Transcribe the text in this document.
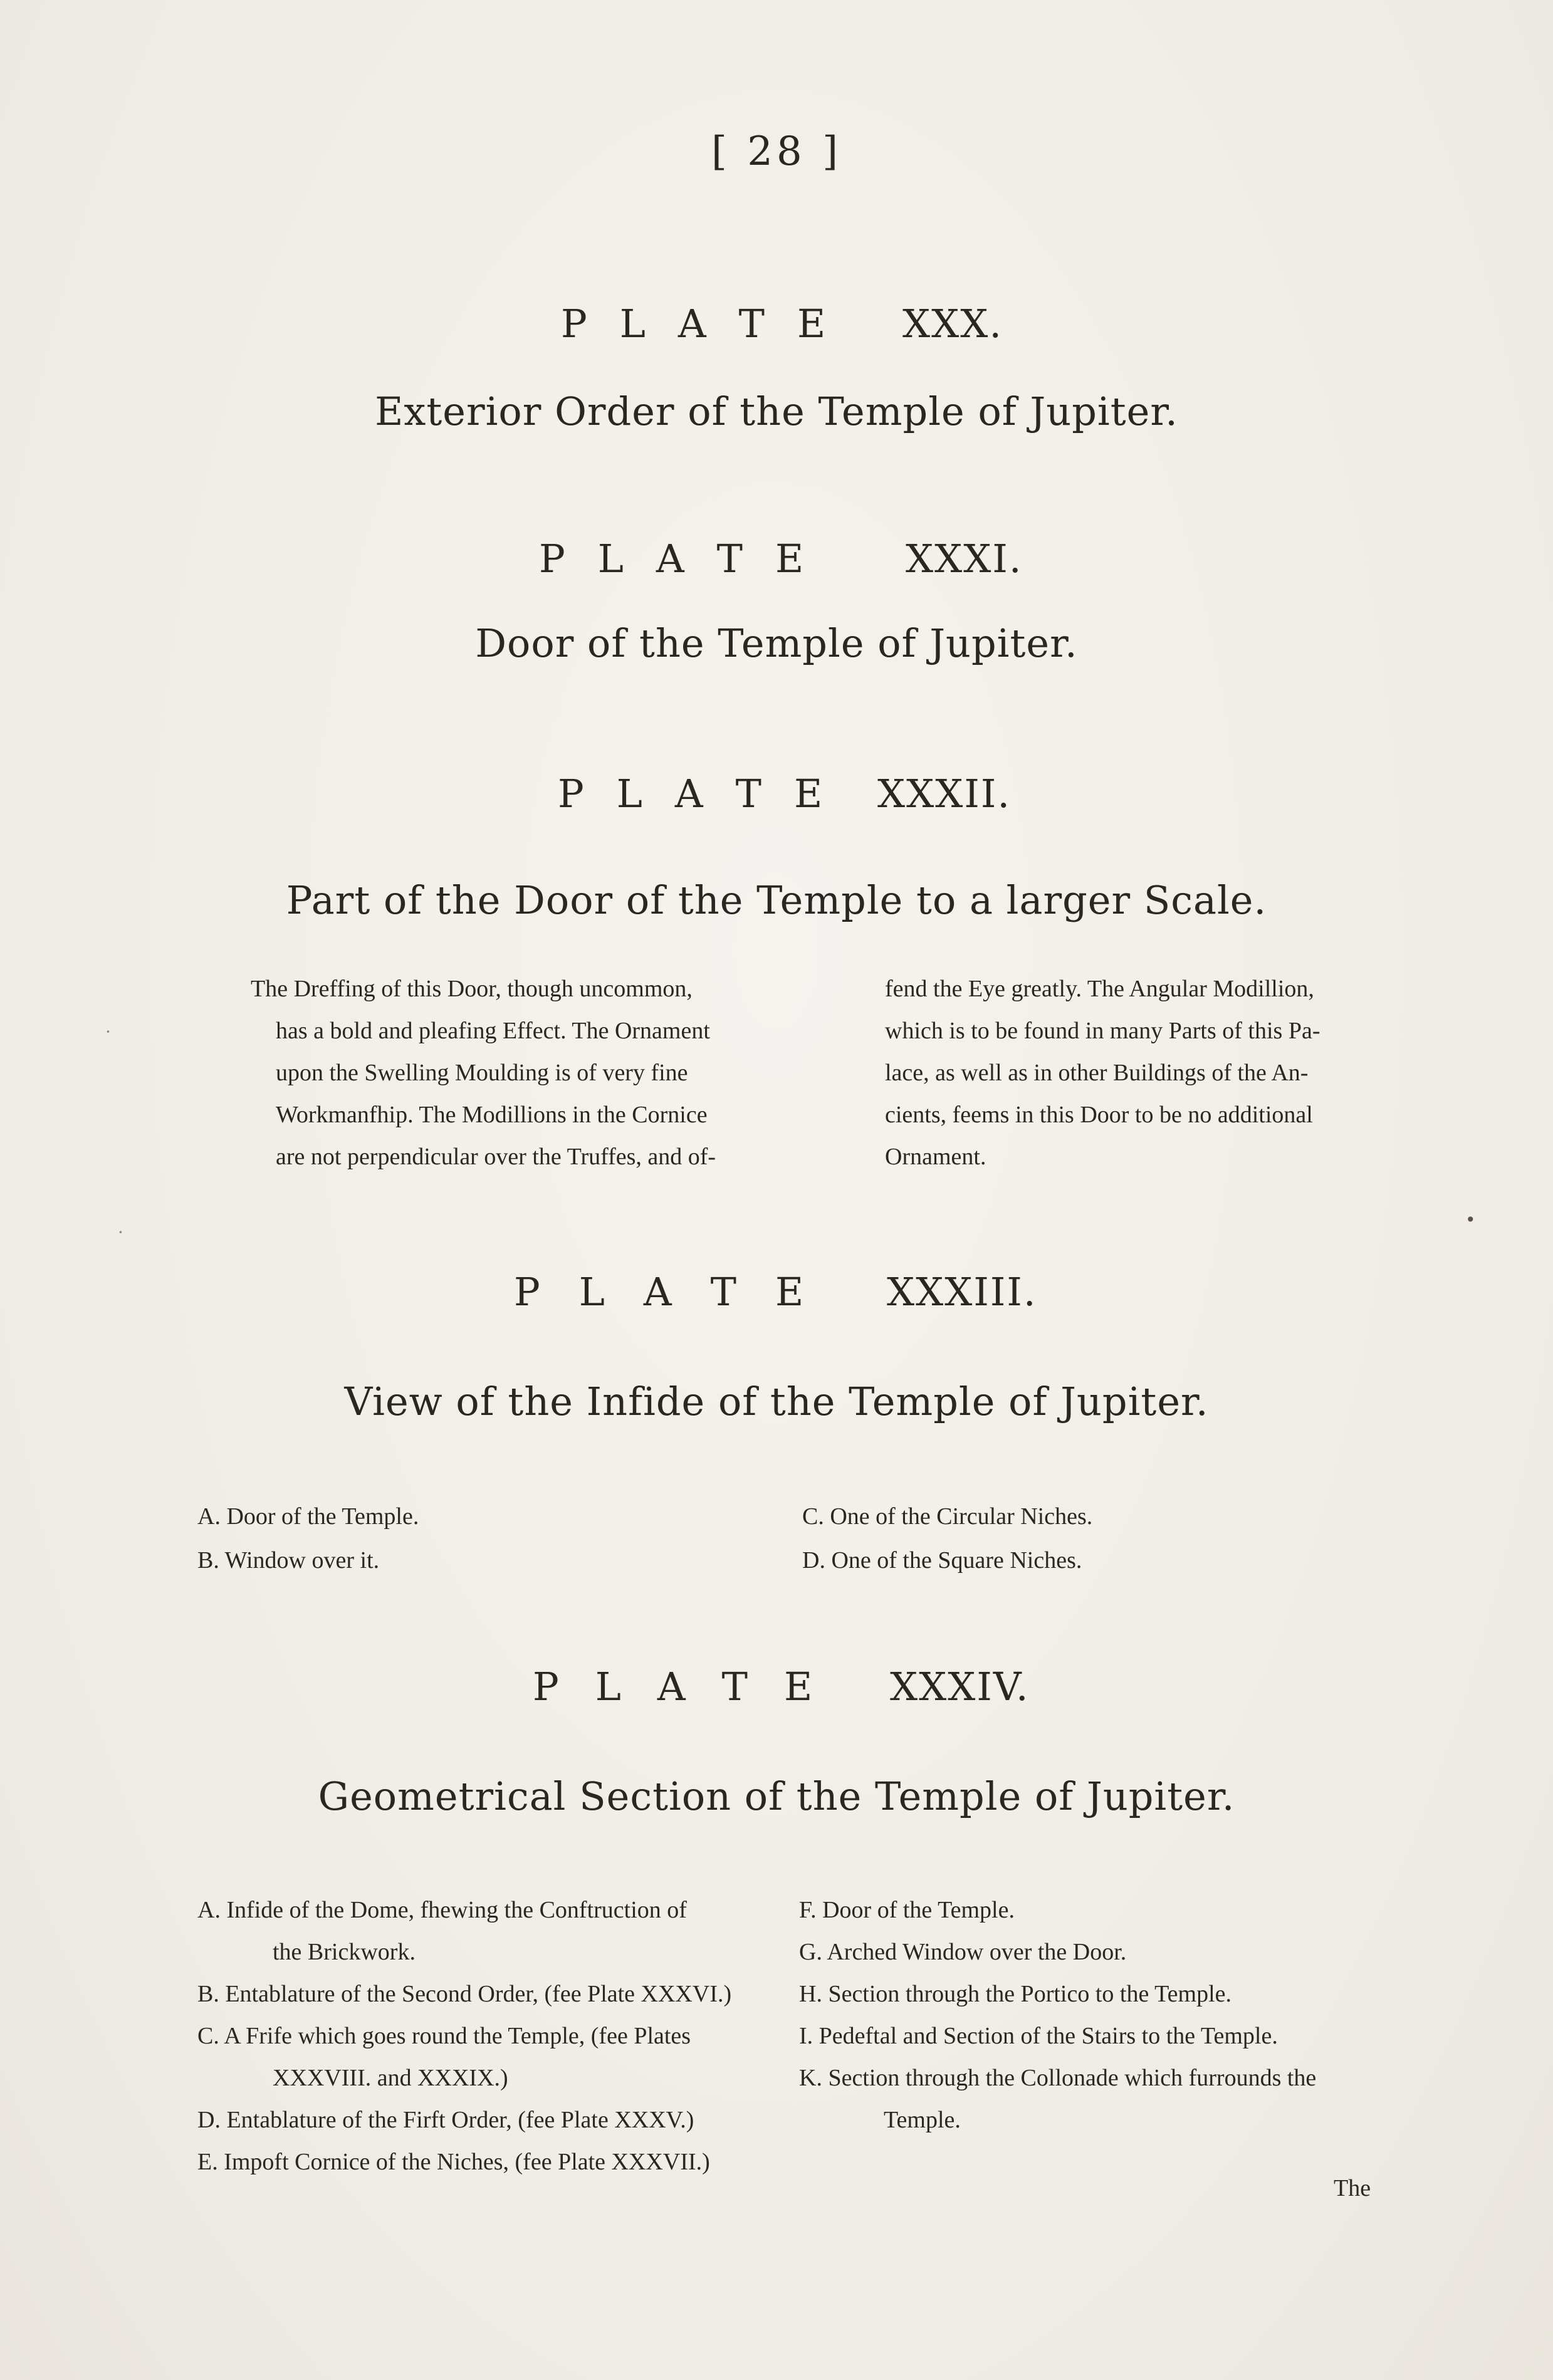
[ 28 ]
P L A T E	XXX.
Exterior Order of the Temple of Jupiter.
P L A T E	XXXI.
Door of the Temple of Jupiter.
P L A T E	XXXII.
Part of the Door of the Temple to a larger Scale.
The Dreffing of this Door, though uncommon,
has a bold and pleafing Effect. The Ornament
upon the Swelling Moulding is of very fine
Workmanfhip. The Modillions in the Cornice
are not perpendicular over the Truffes, and of-
fend the Eye greatly. The Angular Modillion,
which is to be found in many Parts of this Pa-
lace, as well as in other Buildings of the An-
cients, feems in this Door to be no additional
Ornament.
P L A T E	XXXIII.
View of the Infide of the Temple of Jupiter.
A. Door of the Temple.
B. Window over it.
C. One of the Circular Niches.
D. One of the Square Niches.
P L A T E	XXXIV.
Geometrical Section of the Temple of Jupiter.
A. Infide of the Dome, fhewing the Conftruction of
the Brickwork.
B. Entablature of the Second Order, (fee Plate XXXVI.)
C. A Frife which goes round the Temple, (fee Plates
XXXVIII. and XXXIX.)
D. Entablature of the Firft Order, (fee Plate XXXV.)
E. Impoft Cornice of the Niches, (fee Plate XXXVII.)
F. Door of the Temple.
G. Arched Window over the Door.
H. Section through the Portico to the Temple.
I. Pedeftal and Section of the Stairs to the Temple.
K. Section through the Collonade which furrounds the
Temple.
The
·
•
·
